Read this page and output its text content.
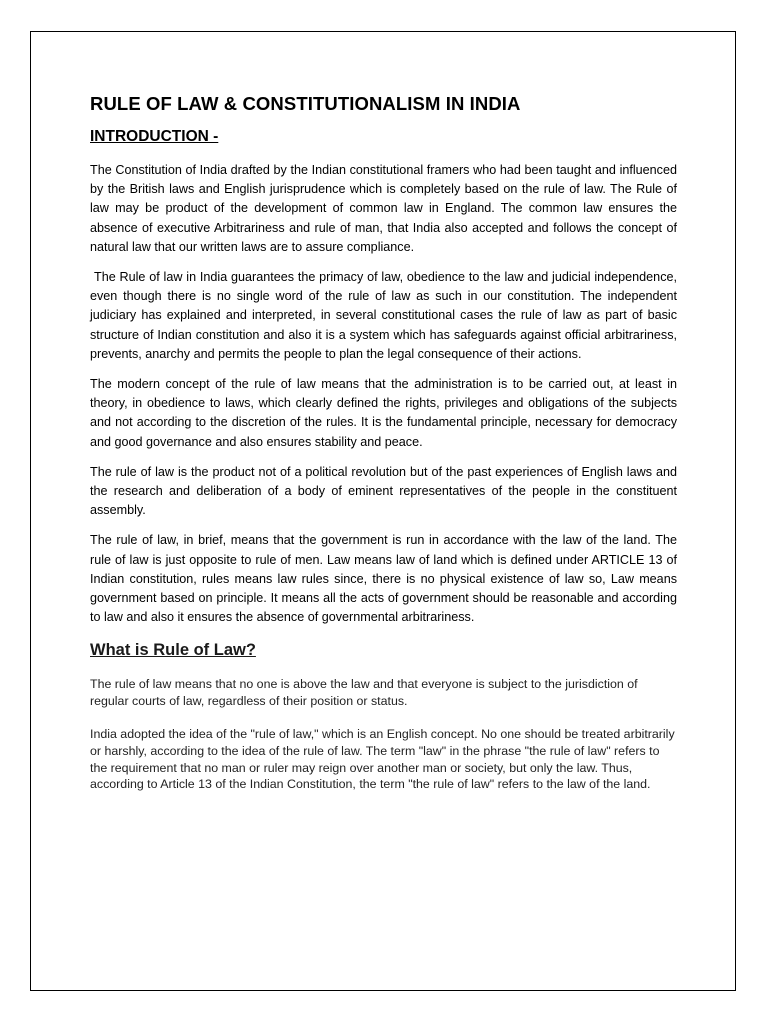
RULE OF LAW & CONSTITUTIONALISM IN INDIA
INTRODUCTION -

The Constitution of India drafted by the Indian constitutional framers who had been taught and influenced by the British laws and English jurisprudence which is completely based on the rule of law. The Rule of law may be product of the development of common law in England. The common law ensures the absence of executive Arbitrariness and rule of man, that India also accepted and follows the concept of natural law that our written laws are to assure compliance.

The Rule of law in India guarantees the primacy of law, obedience to the law and judicial independence, even though there is no single word of the rule of law as such in our constitution. The independent judiciary has explained and interpreted, in several constitutional cases the rule of law as part of basic structure of Indian constitution and also it is a system which has safeguards against official arbitrariness, prevents, anarchy and permits the people to plan the legal consequence of their actions.

The modern concept of the rule of law means that the administration is to be carried out, at least in theory, in obedience to laws, which clearly defined the rights, privileges and obligations of the subjects and not according to the discretion of the rules. It is the fundamental principle, necessary for democracy and good governance and also ensures stability and peace.

The rule of law is the product not of a political revolution but of the past experiences of English laws and the research and deliberation of a body of eminent representatives of the people in the constituent assembly.

The rule of law, in brief, means that the government is run in accordance with the law of the land. The rule of law is just opposite to rule of men. Law means law of land which is defined under ARTICLE 13 of Indian constitution, rules means law rules since, there is no physical existence of law so, Law means government based on principle. It means all the acts of government should be reasonable and according to law and also it ensures the absence of governmental arbitrariness.

What is Rule of Law?

The rule of law means that no one is above the law and that everyone is subject to the jurisdiction of regular courts of law, regardless of their position or status.

India adopted the idea of the "rule of law," which is an English concept. No one should be treated arbitrarily or harshly, according to the idea of the rule of law. The term "law" in the phrase "the rule of law" refers to the requirement that no man or ruler may reign over another man or society, but only the law. Thus, according to Article 13 of the Indian Constitution, the term "the rule of law" refers to the law of the land.
